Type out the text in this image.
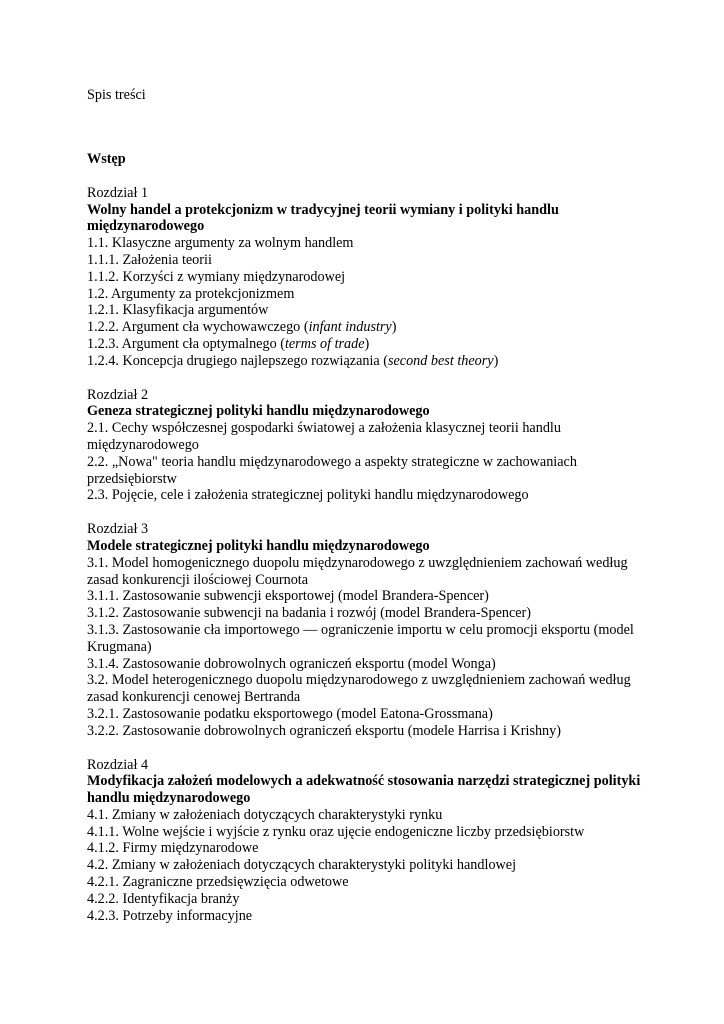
Spis treści
Wstęp
Rozdział 1
Wolny handel a protekcjonizm w tradycyjnej teorii wymiany i polityki handlu międzynarodowego
1.1. Klasyczne argumenty za wolnym handlem
1.1.1. Założenia teorii
1.1.2. Korzyści z wymiany międzynarodowej
1.2. Argumenty za protekcjonizmem
1.2.1. Klasyfikacja argumentów
1.2.2. Argument cła wychowawczego (infant industry)
1.2.3. Argument cła optymalnego (terms of trade)
1.2.4. Koncepcja drugiego najlepszego rozwiązania (second best theory)
Rozdział 2
Geneza strategicznej polityki handlu międzynarodowego
2.1. Cechy współczesnej gospodarki światowej a założenia klasycznej teorii handlu międzynarodowego
2.2. „Nowa" teoria handlu międzynarodowego a aspekty strategiczne w zachowaniach przedsiębiorstw
2.3. Pojęcie, cele i założenia strategicznej polityki handlu międzynarodowego
Rozdział 3
Modele strategicznej polityki handlu międzynarodowego
3.1. Model homogenicznego duopolu międzynarodowego z uwzględnieniem zachowań według zasad konkurencji ilościowej Cournota
3.1.1. Zastosowanie subwencji eksportowej (model Brandera-Spencer)
3.1.2. Zastosowanie subwencji na badania i rozwój (model Brandera-Spencer)
3.1.3. Zastosowanie cła importowego — ograniczenie importu w celu promocji eksportu (model Krugmana)
3.1.4. Zastosowanie dobrowolnych ograniczeń eksportu (model Wonga)
3.2. Model heterogenicznego duopolu międzynarodowego z uwzględnieniem zachowań według zasad konkurencji cenowej Bertranda
3.2.1. Zastosowanie podatku eksportowego (model Eatona-Grossmana)
3.2.2. Zastosowanie dobrowolnych ograniczeń eksportu (modele Harrisa i Krishny)
Rozdział 4
Modyfikacja założeń modelowych a adekwatność stosowania narzędzi strategicznej polityki handlu międzynarodowego
4.1. Zmiany w założeniach dotyczących charakterystyki rynku
4.1.1. Wolne wejście i wyjście z rynku oraz ujęcie endogeniczne liczby przedsiębiorstw
4.1.2. Firmy międzynarodowe
4.2. Zmiany w założeniach dotyczących charakterystyki polityki handlowej
4.2.1. Zagraniczne przedsięwzięcia odwetowe
4.2.2. Identyfikacja branży
4.2.3. Potrzeby informacyjne
